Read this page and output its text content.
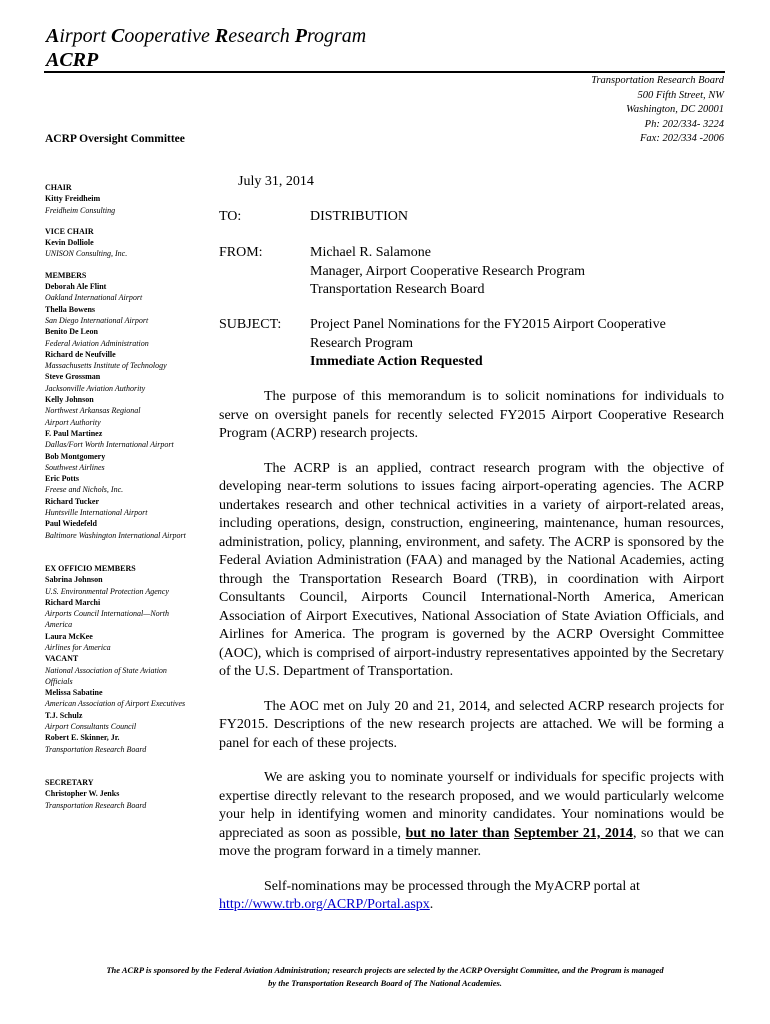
Airport Cooperative Research Program
ACRP
Transportation Research Board
500 Fifth Street, NW
Washington, DC 20001
Ph: 202/334- 3224
Fax: 202/334 -2006
ACRP Oversight Committee
CHAIR
Kitty Freidheim
Freidheim Consulting
VICE CHAIR
Kevin Dolliole
UNISON Consulting, Inc.
MEMBERS
Deborah Ale Flint
Oakland International Airport
Thella Bowens
San Diego International Airport
Benito De Leon
Federal Aviation Administration
Richard de Neufville
Massachusetts Institute of Technology
Steve Grossman
Jacksonville Aviation Authority
Kelly Johnson
Northwest Arkansas Regional
Airport Authority
F. Paul Martinez
Dallas/Fort Worth International Airport
Bob Montgomery
Southwest Airlines
Eric Potts
Freese and Nichols, Inc.
Richard Tucker
Huntsville International Airport
Paul Wiedefeld
Baltimore Washington International Airport
EX OFFICIO MEMBERS
Sabrina Johnson
U.S. Environmental Protection Agency
Richard Marchi
Airports Council International—North
America
Laura McKee
Airlines for America
VACANT
National Association of State Aviation
Officials
Melissa Sabatine
American Association of Airport Executives
T.J. Schulz
Airport Consultants Council
Robert E. Skinner, Jr.
Transportation Research Board
SECRETARY
Christopher W. Jenks
Transportation Research Board
July 31, 2014
TO:	DISTRIBUTION
FROM:	Michael R. Salamone
Manager, Airport Cooperative Research Program
Transportation Research Board
SUBJECT: Project Panel Nominations for the FY2015 Airport Cooperative
Research Program
Immediate Action Requested

The purpose of this memorandum is to solicit nominations for individuals to serve on oversight panels for recently selected FY2015 Airport Cooperative Research Program (ACRP) research projects.

The ACRP is an applied, contract research program with the objective of developing near-term solutions to issues facing airport-operating agencies. The ACRP undertakes research and other technical activities in a variety of airport-related areas, including operations, design, construction, engineering, maintenance, human resources, administration, policy, planning, environment, and safety. The ACRP is sponsored by the Federal Aviation Administration (FAA) and managed by the National Academies, acting through the Transportation Research Board (TRB), in coordination with Airport Consultants Council, Airports Council International-North America, American Association of Airport Executives, National Association of State Aviation Officials, and Airlines for America. The program is governed by the ACRP Oversight Committee (AOC), which is comprised of airport-industry representatives appointed by the Secretary of the U.S. Department of Transportation.

The AOC met on July 20 and 21, 2014, and selected ACRP research projects for FY2015. Descriptions of the new research projects are attached. We will be forming a panel for each of these projects.

We are asking you to nominate yourself or individuals for specific projects with expertise directly relevant to the research proposed, and we would particularly welcome your help in identifying women and minority candidates. Your nominations would be appreciated as soon as possible, but no later than September 21, 2014, so that we can move the program forward in a timely manner.

Self-nominations may be processed through the MyACRP portal at
http://www.trb.org/ACRP/Portal.aspx.

The ACRP is sponsored by the Federal Aviation Administration; research projects are selected by the ACRP Oversight Committee, and the Program is managed
by the Transportation Research Board of The National Academies.
